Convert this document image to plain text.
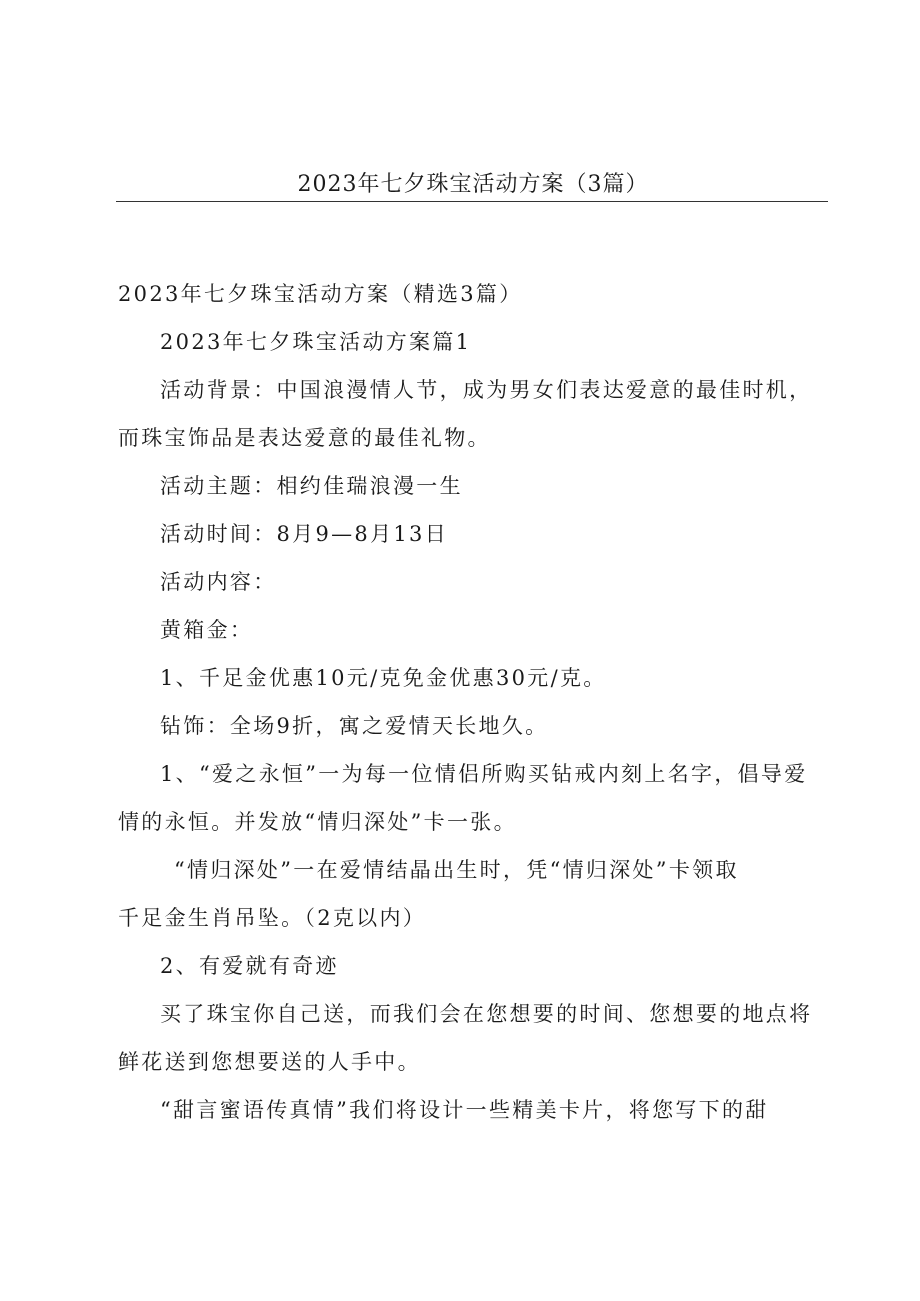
2023年七夕珠宝活动方案（3篇）

2023年七夕珠宝活动方案（精选3篇）

2023年七夕珠宝活动方案篇1

活动背景：中国浪漫情人节，成为男女们表达爱意的最佳时机，而珠宝饰品是表达爱意的最佳礼物。

活动主题：相约佳瑞浪漫一生

活动时间：8月9—8月13日

活动内容：

黄箱金：

1、千足金优惠10元/克免金优惠30元/克。

钻饰：全场9折，寓之爱情天长地久。

1、“爱之永恒”一为每一位情侣所购买钻戒内刻上名字，倡导爱情的永恒。并发放“情归深处”卡一张。

“情归深处”一在爱情结晶出生时，凭“情归深处”卡领取
千足金生肖吊坠。（2克以内）

2、有爱就有奇迹

买了珠宝你自己送，而我们会在您想要的时间、您想要的地点将鲜花送到您想要送的人手中。

“甜言蜜语传真情”我们将设计一些精美卡片，将您写下的甜
